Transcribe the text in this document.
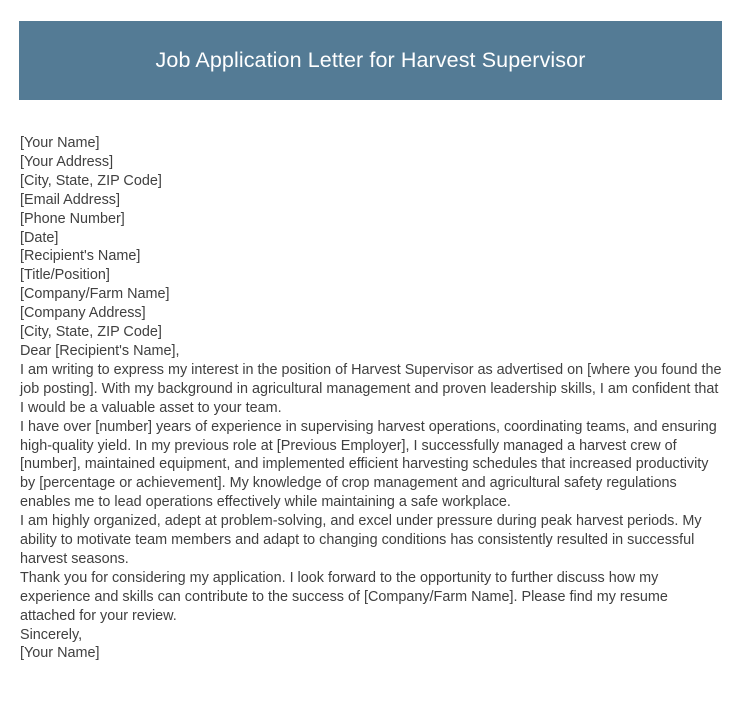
Job Application Letter for Harvest Supervisor
[Your Name]
[Your Address]
[City, State, ZIP Code]
[Email Address]
[Phone Number]
[Date]
[Recipient's Name]
[Title/Position]
[Company/Farm Name]
[Company Address]
[City, State, ZIP Code]
Dear [Recipient's Name],

I am writing to express my interest in the position of Harvest Supervisor as advertised on [where you found the job posting]. With my background in agricultural management and proven leadership skills, I am confident that I would be a valuable asset to your team.

I have over [number] years of experience in supervising harvest operations, coordinating teams, and ensuring high-quality yield. In my previous role at [Previous Employer], I successfully managed a harvest crew of [number], maintained equipment, and implemented efficient harvesting schedules that increased productivity by [percentage or achievement]. My knowledge of crop management and agricultural safety regulations enables me to lead operations effectively while maintaining a safe workplace.

I am highly organized, adept at problem-solving, and excel under pressure during peak harvest periods. My ability to motivate team members and adapt to changing conditions has consistently resulted in successful harvest seasons.

Thank you for considering my application. I look forward to the opportunity to further discuss how my experience and skills can contribute to the success of [Company/Farm Name]. Please find my resume attached for your review.

Sincerely,
[Your Name]
